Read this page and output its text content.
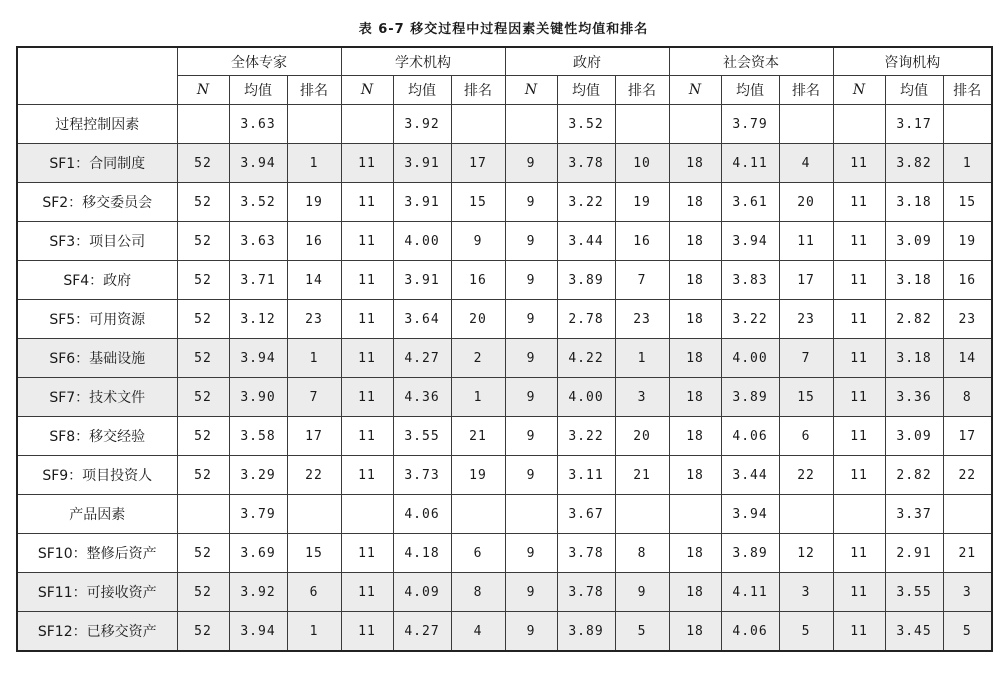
表 6-7 移交过程中过程因素关键性均值和排名
	全体专家			学术机构			政府			社会资本			咨询机构		
	N	均值	排名	N	均值	排名	N	均值	排名	N	均值	排名	N	均值	排名
过程控制因素		3.63			3.92			3.52			3.79			3.17	
SF1：合同制度	52	3.94	1	11	3.91	17	9	3.78	10	18	4.11	4	11	3.82	1
SF2：移交委员会	52	3.52	19	11	3.91	15	9	3.22	19	18	3.61	20	11	3.18	15
SF3：项目公司	52	3.63	16	11	4.00	9	9	3.44	16	18	3.94	11	11	3.09	19
SF4：政府	52	3.71	14	11	3.91	16	9	3.89	7	18	3.83	17	11	3.18	16
SF5：可用资源	52	3.12	23	11	3.64	20	9	2.78	23	18	3.22	23	11	2.82	23
SF6：基础设施	52	3.94	1	11	4.27	2	9	4.22	1	18	4.00	7	11	3.18	14
SF7：技术文件	52	3.90	7	11	4.36	1	9	4.00	3	18	3.89	15	11	3.36	8
SF8：移交经验	52	3.58	17	11	3.55	21	9	3.22	20	18	4.06	6	11	3.09	17
SF9：项目投资人	52	3.29	22	11	3.73	19	9	3.11	21	18	3.44	22	11	2.82	22
产品因素		3.79			4.06			3.67			3.94			3.37	
SF10：整修后资产	52	3.69	15	11	4.18	6	9	3.78	8	18	3.89	12	11	2.91	21
SF11：可接收资产	52	3.92	6	11	4.09	8	9	3.78	9	18	4.11	3	11	3.55	3
SF12：已移交资产	52	3.94	1	11	4.27	4	9	3.89	5	18	4.06	5	11	3.45	5
